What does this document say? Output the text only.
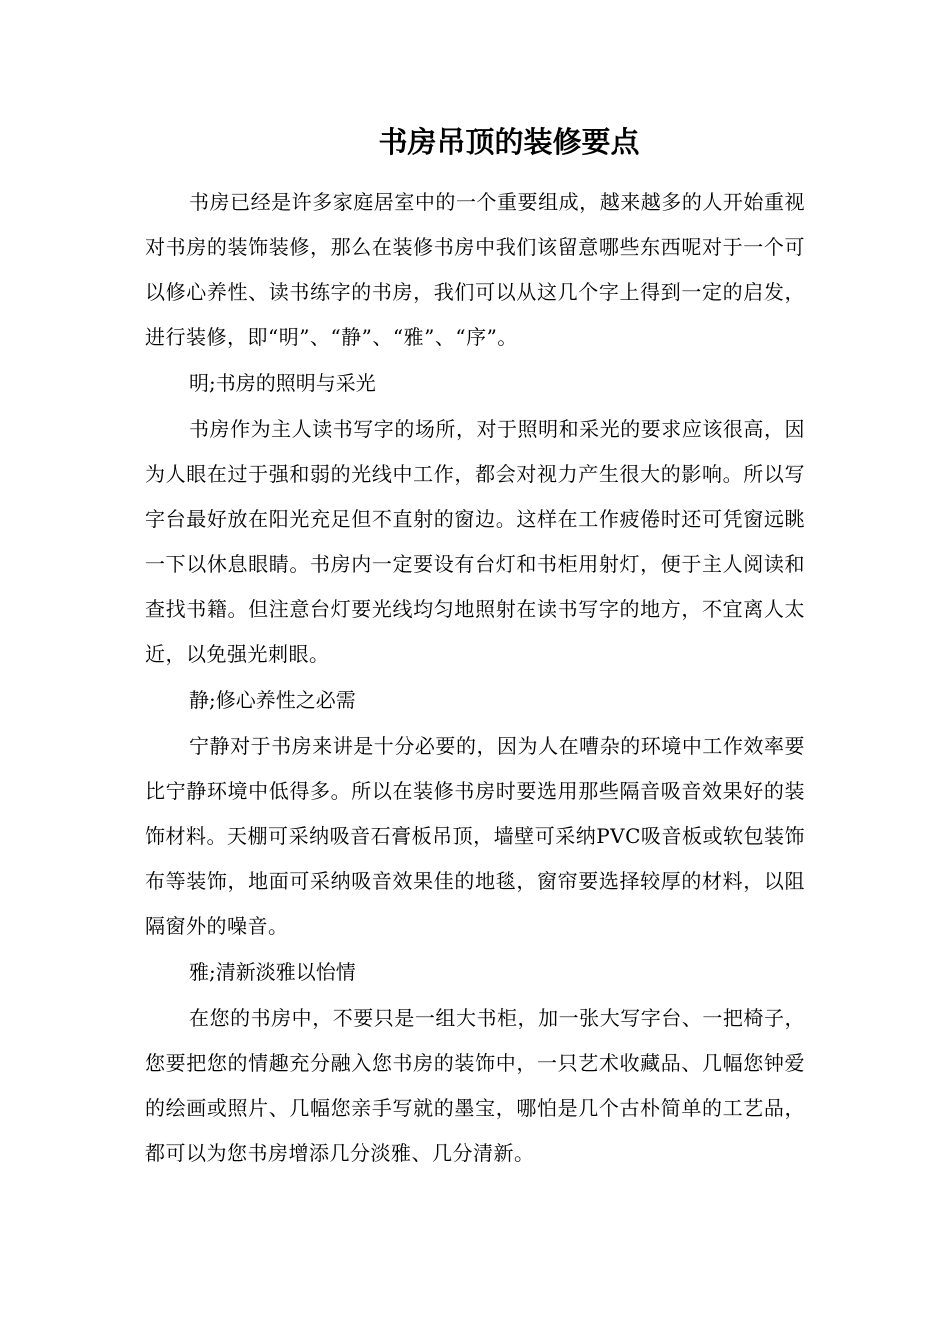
书房吊顶的装修要点

书房已经是许多家庭居室中的一个重要组成，越来越多的人开始重视对书房的装饰装修，那么在装修书房中我们该留意哪些东西呢对于一个可以修心养性、读书练字的书房，我们可以从这几个字上得到一定的启发，进行装修，即“明”、“静”、“雅”、“序”。

明;书房的照明与采光

书房作为主人读书写字的场所，对于照明和采光的要求应该很高，因为人眼在过于强和弱的光线中工作，都会对视力产生很大的影响。所以写字台最好放在阳光充足但不直射的窗边。这样在工作疲倦时还可凭窗远眺一下以休息眼睛。书房内一定要设有台灯和书柜用射灯，便于主人阅读和查找书籍。但注意台灯要光线均匀地照射在读书写字的地方，不宜离人太近，以免强光刺眼。

静;修心养性之必需

宁静对于书房来讲是十分必要的，因为人在嘈杂的环境中工作效率要比宁静环境中低得多。所以在装修书房时要选用那些隔音吸音效果好的装饰材料。天棚可采纳吸音石膏板吊顶，墙壁可采纳PVC吸音板或软包装饰布等装饰，地面可采纳吸音效果佳的地毯，窗帘要选择较厚的材料，以阻隔窗外的噪音。

雅;清新淡雅以怡情

在您的书房中，不要只是一组大书柜，加一张大写字台、一把椅子，您要把您的情趣充分融入您书房的装饰中，一只艺术收藏品、几幅您钟爱的绘画或照片、几幅您亲手写就的墨宝，哪怕是几个古朴简单的工艺品，都可以为您书房增添几分淡雅、几分清新。
